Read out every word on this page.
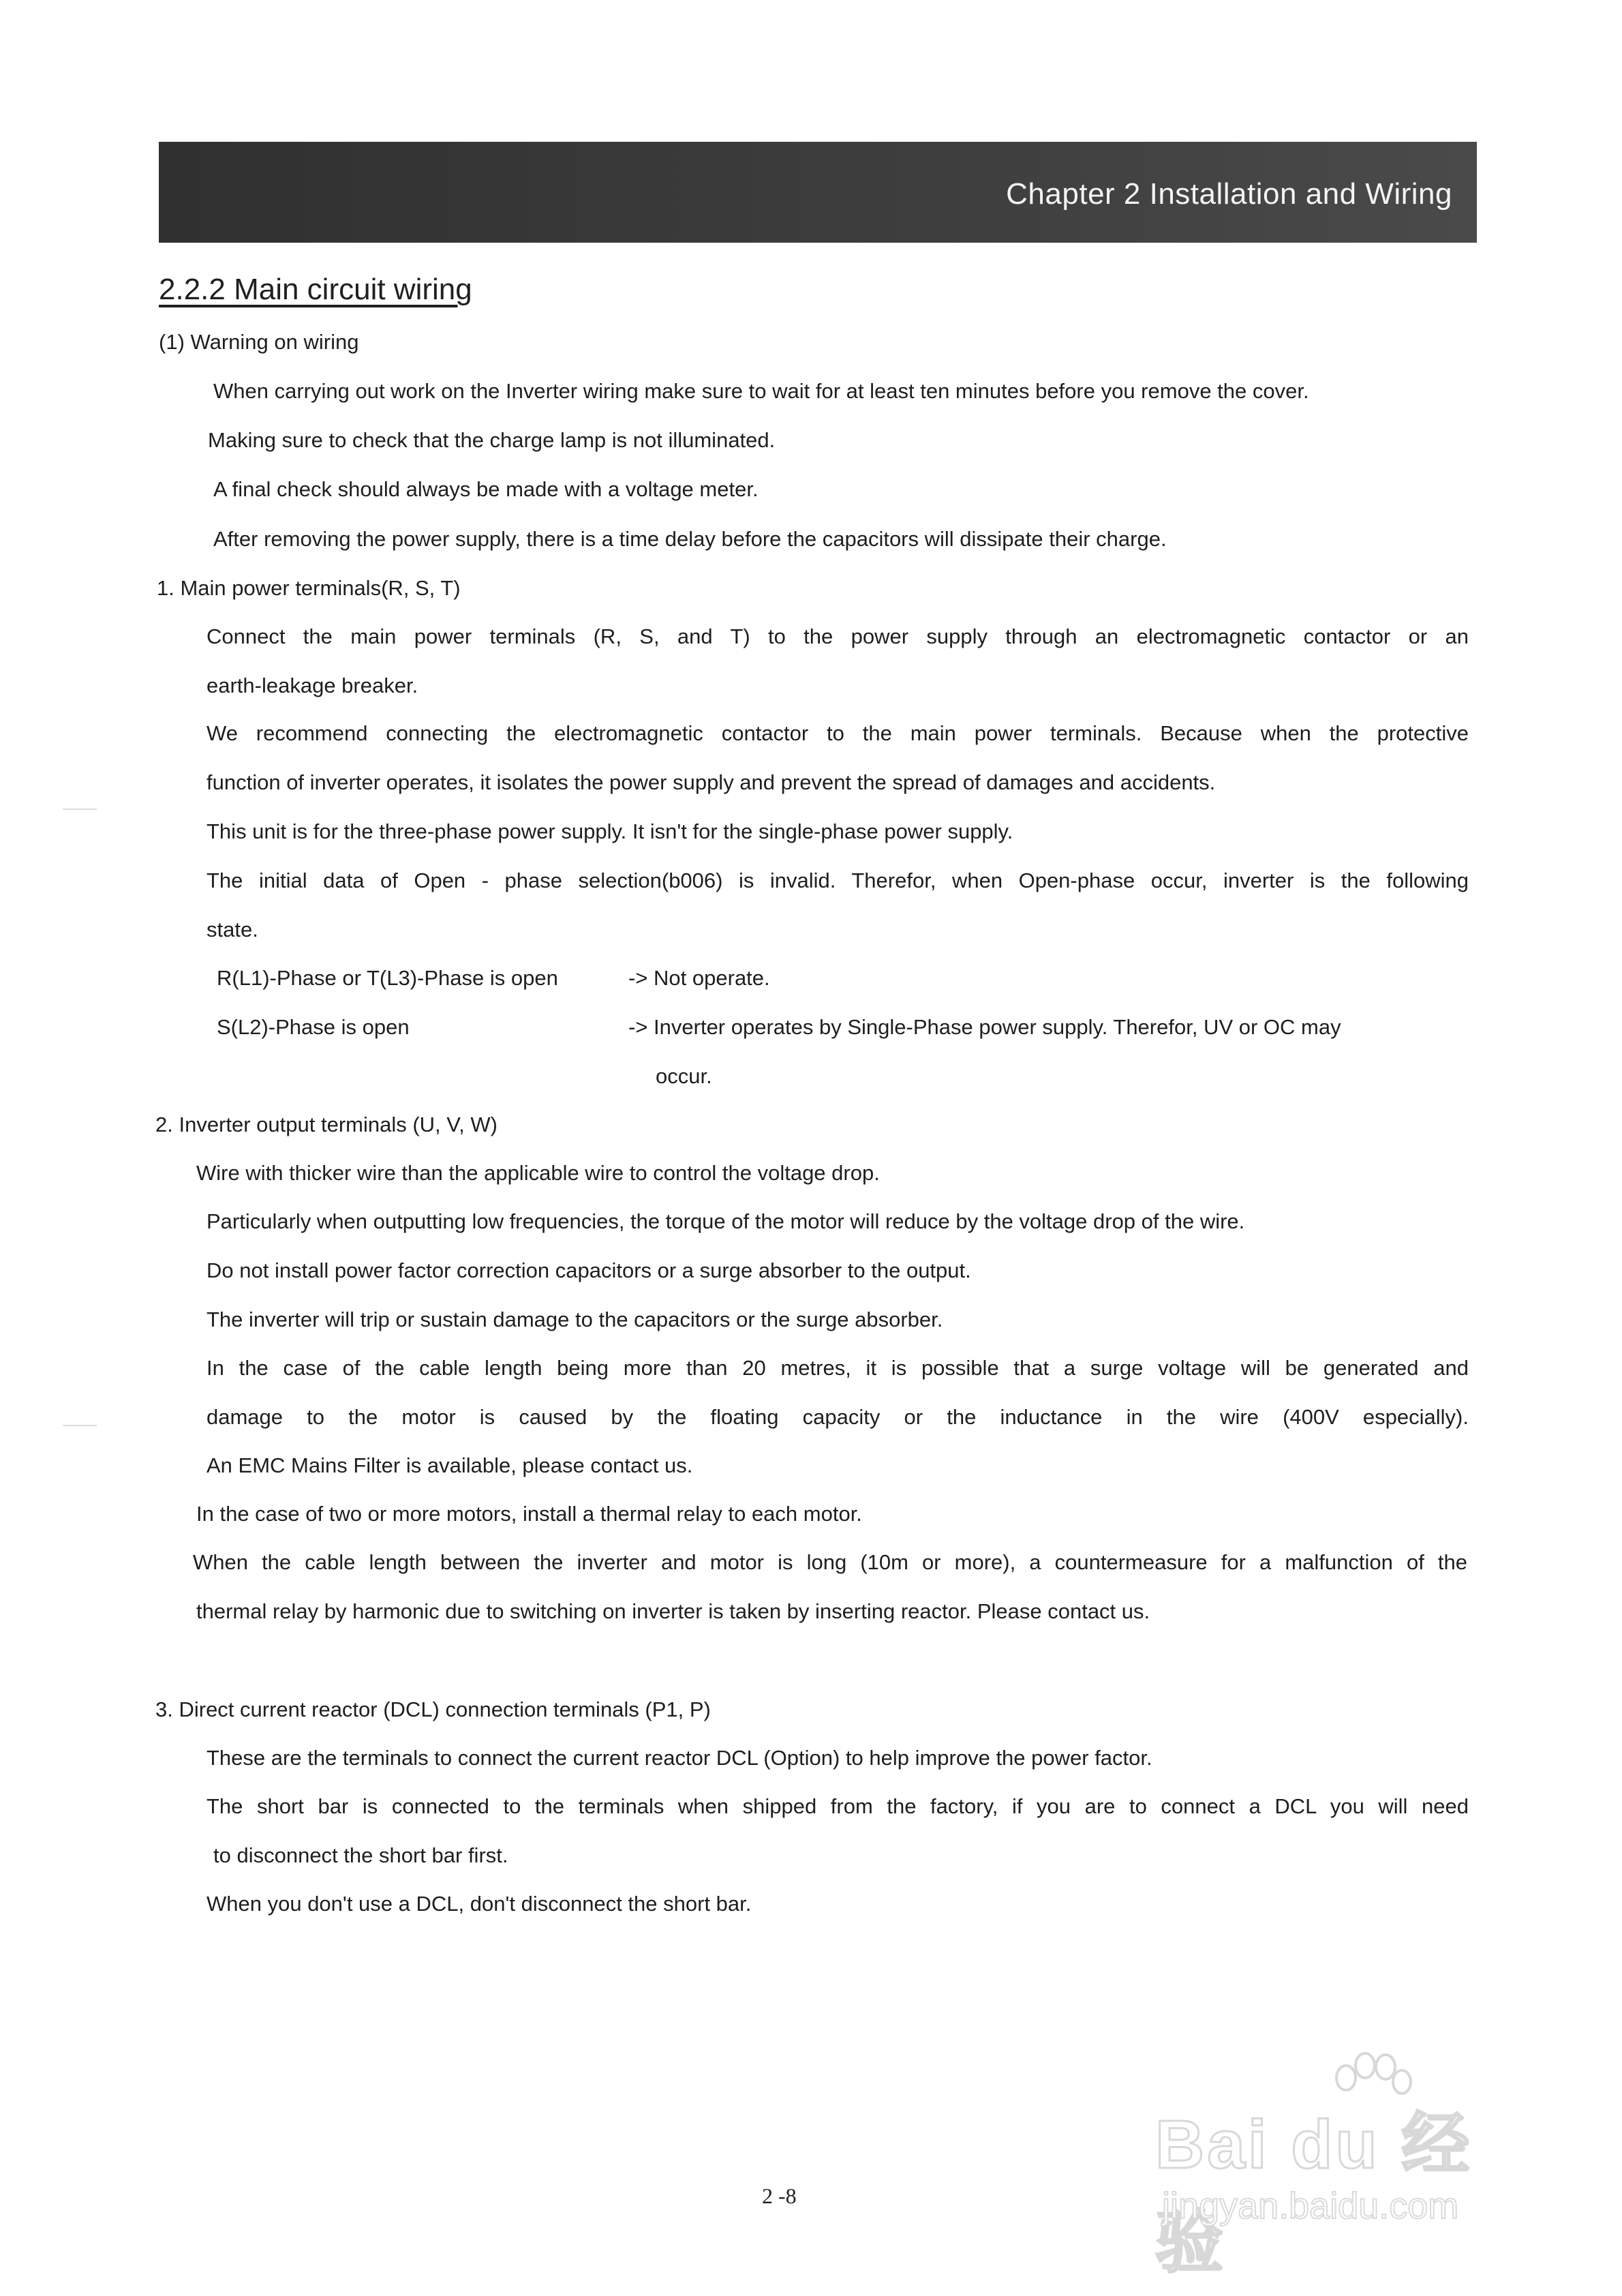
Chapter 2 Installation and Wiring
2.2.2 Main circuit wiring
(1) Warning on wiring
When carrying out work on the Inverter wiring make sure to wait for at least ten minutes before you remove the cover.
Making sure to check that the charge lamp is not illuminated.
A final check should always be made with a voltage meter.
After removing the power supply, there is a time delay before the capacitors will dissipate their charge.
1. Main power terminals(R, S, T)
Connect the main power terminals (R, S, and T) to the power supply through an electromagnetic contactor or an
earth-leakage breaker.
We recommend connecting the electromagnetic contactor to the main power terminals. Because when the protective
function of inverter operates, it isolates the power supply and prevent the spread of damages and accidents.
This unit is for the three-phase power supply. It isn't for the single-phase power supply.
The initial data of Open - phase selection(b006) is invalid. Therefor, when Open-phase occur, inverter is the following
state.
R(L1)-Phase or T(L3)-Phase is open	-> Not operate.
S(L2)-Phase is open	-> Inverter operates by Single-Phase power supply. Therefor, UV or OC may
occur.
2. Inverter output terminals (U, V, W)
Wire with thicker wire than the applicable wire to control the voltage drop.
Particularly when outputting low frequencies, the torque of the motor will reduce by the voltage drop of the wire.
Do not install power factor correction capacitors or a surge absorber to the output.
The inverter will trip or sustain damage to the capacitors or the surge absorber.
In the case of the cable length being more than 20 metres, it is possible that a surge voltage will be generated and
damage to the motor is caused by the floating capacity or the inductance in the wire (400V especially).
An EMC Mains Filter is available, please contact us.
In the case of two or more motors, install a thermal relay to each motor.
When the cable length between the inverter and motor is long (10m or more), a countermeasure for a malfunction of the
thermal relay by harmonic due to switching on inverter is taken by inserting reactor. Please contact us.
3. Direct current reactor (DCL) connection terminals (P1, P)
These are the terminals to connect the current reactor DCL (Option) to help improve the power factor.
The short bar is connected to the terminals when shipped from the factory, if you are to connect a DCL you will need
to disconnect the short bar first.
When you don't use a DCL, don't disconnect the short bar.
2 -8
Bai du 经验
jingyan.baidu.com
